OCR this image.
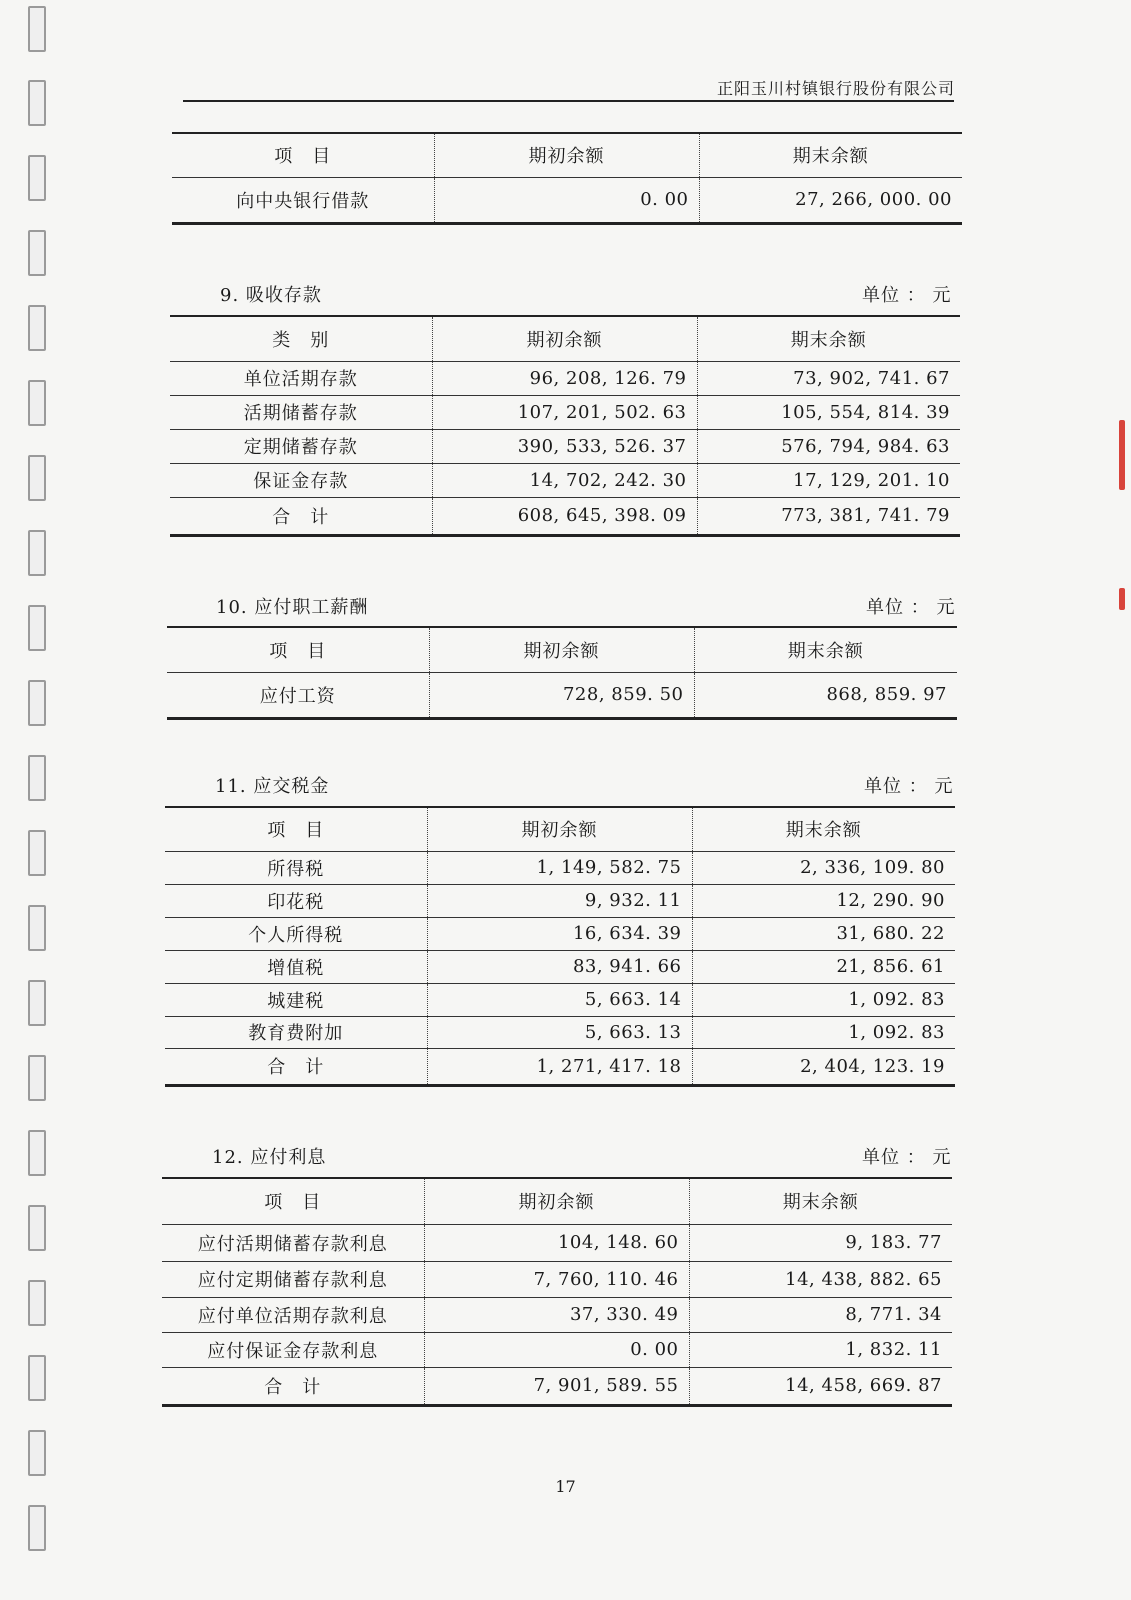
正阳玉川村镇银行股份有限公司
项　目	期初余额	期末余额
向中央银行借款	0. 00	27, 266, 000. 00
9. 吸收存款	单位 ： 元
类　别	期初余额	期末余额
单位活期存款	96, 208, 126. 79	73, 902, 741. 67
活期储蓄存款	107, 201, 502. 63	105, 554, 814. 39
定期储蓄存款	390, 533, 526. 37	576, 794, 984. 63
保证金存款	14, 702, 242. 30	17, 129, 201. 10
合　计	608, 645, 398. 09	773, 381, 741. 79
10. 应付职工薪酬	单位 ： 元
项　目	期初余额	期末余额
应付工资	728, 859. 50	868, 859. 97
11. 应交税金	单位 ： 元
项　目	期初余额	期末余额
所得税	1, 149, 582. 75	2, 336, 109. 80
印花税	9, 932. 11	12, 290. 90
个人所得税	16, 634. 39	31, 680. 22
增值税	83, 941. 66	21, 856. 61
城建税	5, 663. 14	1, 092. 83
教育费附加	5, 663. 13	1, 092. 83
合　计	1, 271, 417. 18	2, 404, 123. 19
12. 应付利息	单位 ： 元
项　目	期初余额	期末余额
应付活期储蓄存款利息	104, 148. 60	9, 183. 77
应付定期储蓄存款利息	7, 760, 110. 46	14, 438, 882. 65
应付单位活期存款利息	37, 330. 49	8, 771. 34
应付保证金存款利息	0. 00	1, 832. 11
合　计	7, 901, 589. 55	14, 458, 669. 87
17
